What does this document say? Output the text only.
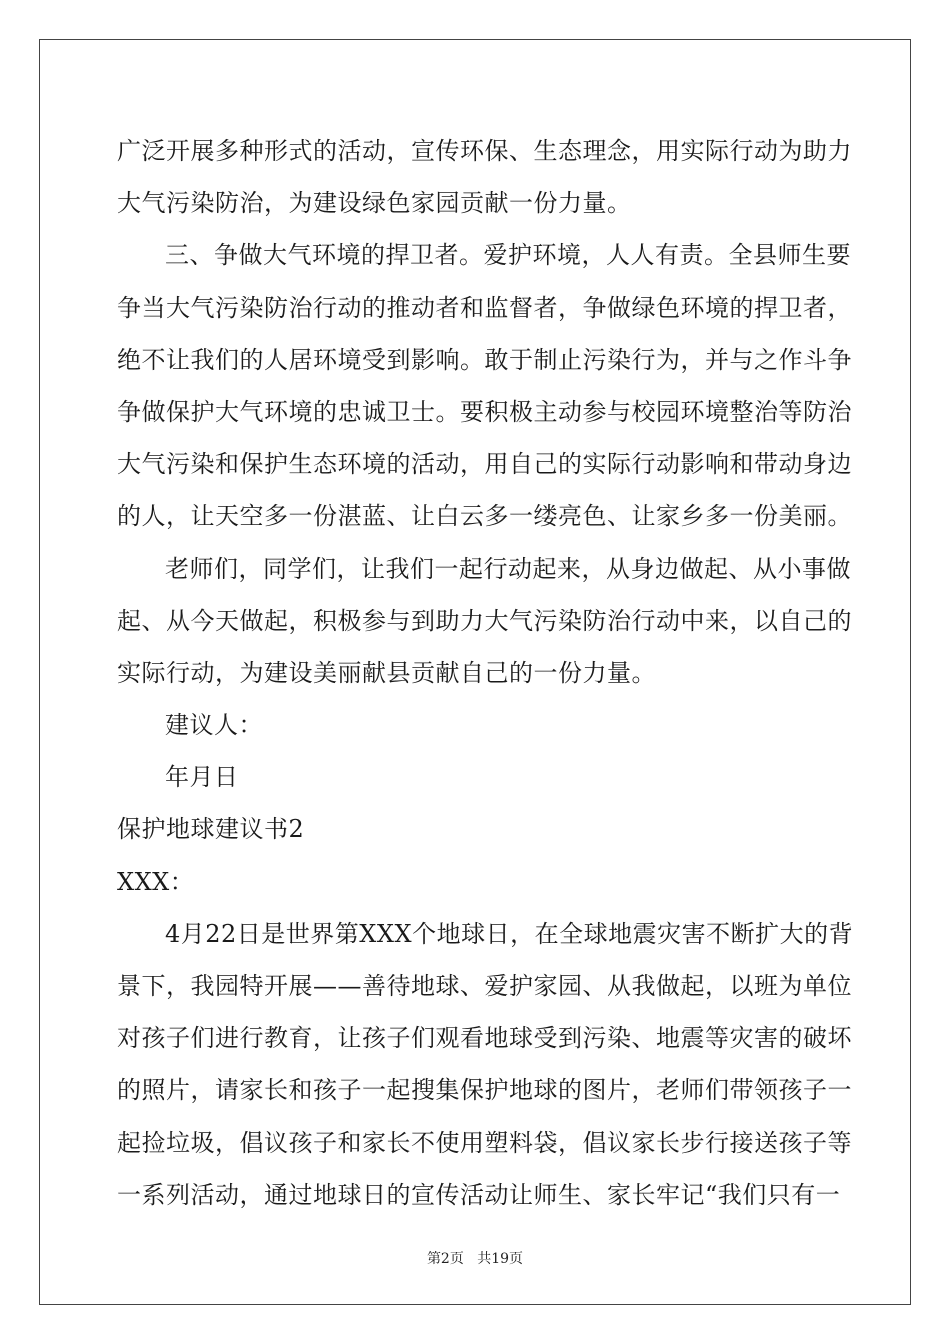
广泛开展多种形式的活动，宣传环保、生态理念，用实际行动为助力
大气污染防治，为建设绿色家园贡献一份力量。
三、争做大气环境的捍卫者。爱护环境，人人有责。全县师生要
争当大气污染防治行动的推动者和监督者，争做绿色环境的捍卫者，
绝不让我们的人居环境受到影响。敢于制止污染行为，并与之作斗争
争做保护大气环境的忠诚卫士。要积极主动参与校园环境整治等防治
大气污染和保护生态环境的活动，用自己的实际行动影响和带动身边
的人，让天空多一份湛蓝、让白云多一缕亮色、让家乡多一份美丽。
老师们，同学们，让我们一起行动起来，从身边做起、从小事做
起、从今天做起，积极参与到助力大气污染防治行动中来，以自己的
实际行动，为建设美丽献县贡献自己的一份力量。
建议人：
年月日
保护地球建议书2
XXX：
4月22日是世界第XXX个地球日，在全球地震灾害不断扩大的背
景下，我园特开展——善待地球、爱护家园、从我做起，以班为单位
对孩子们进行教育，让孩子们观看地球受到污染、地震等灾害的破坏
的照片，请家长和孩子一起搜集保护地球的图片，老师们带领孩子一
起捡垃圾，倡议孩子和家长不使用塑料袋，倡议家长步行接送孩子等
一系列活动，通过地球日的宣传活动让师生、家长牢记“我们只有一
第2页 共19页
